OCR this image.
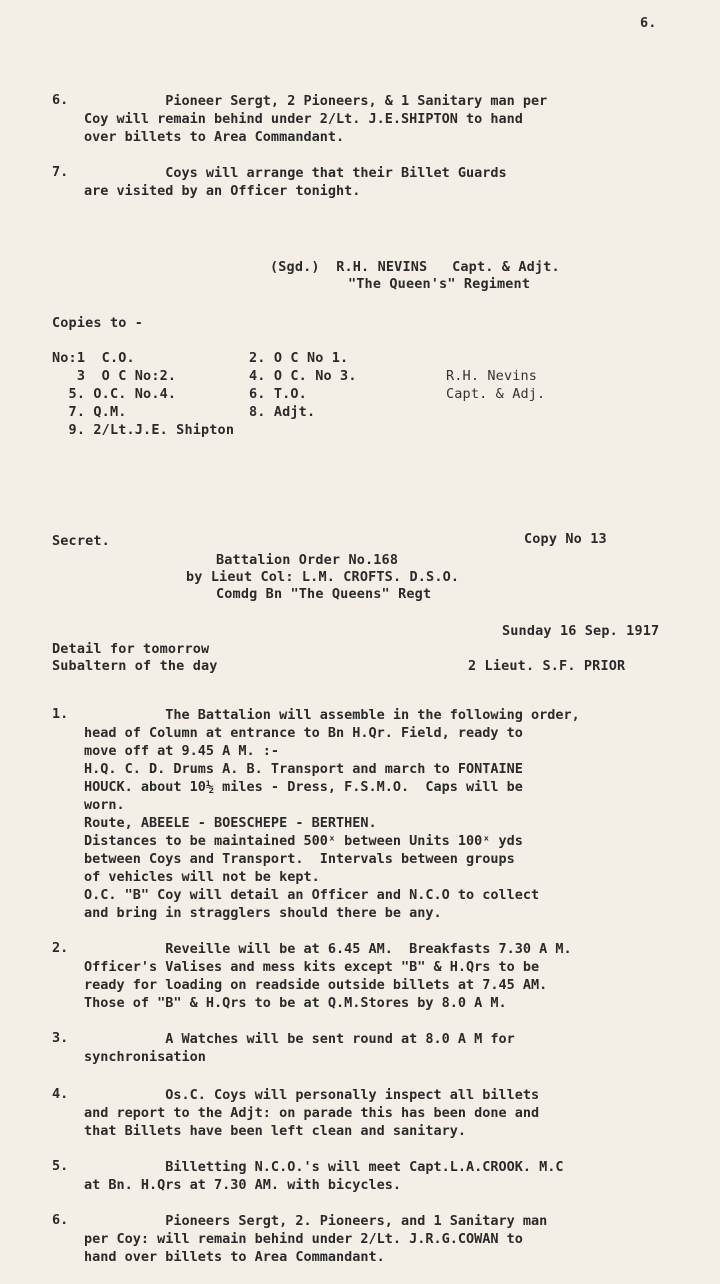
6.
6. Pioneer Sergt, 2 Pioneers, & 1 Sanitary man per
Coy will remain behind under 2/Lt. J.E.SHIPTON to hand
over billets to Area Commandant.
7. Coys will arrange that their Billet Guards
are visited by an Officer tonight.
(Sgd.)  R.H. NEVINS   Capt. & Adjt.
"The Queen's" Regiment
Copies to -
No:1  C.O.	2. O C No 1.
3  O C No:2.	4. O C. No 3.
5. O.C. No.4.	6. T.O.
7. Q.M.	8. Adjt.
9. 2/Lt.J.E. Shipton
R.H. Nevins
Capt. & Adj.
Secret.	Copy No 13
Battalion Order No.168
by Lieut Col: L.M. CROFTS. D.S.O.
Comdg Bn "The Queens" Regt
Sunday 16 Sep. 1917
Detail for tomorrow
Subaltern of the day	2 Lieut. S.F. PRIOR
1. The Battalion will assemble in the following order,
head of Column at entrance to Bn H.Qr. Field, ready to
move off at 9.45 A M. :-
H.Q. C. D. Drums A. B. Transport and march to FONTAINE
HOUCK. about 10½ miles - Dress, F.S.M.O.  Caps will be
worn.
Route, ABEELE - BOESCHEPE - BERTHEN.
Distances to be maintained 500ˣ between Units 100ˣ yds
between Coys and Transport.  Intervals between groups
of vehicles will not be kept.
O.C. "B" Coy will detail an Officer and N.C.O to collect
and bring in stragglers should there be any.
2. Reveille will be at 6.45 AM.  Breakfasts 7.30 A M.
Officer's Valises and mess kits except "B" & H.Qrs to be
ready for loading on readside outside billets at 7.45 AM.
Those of "B" & H.Qrs to be at Q.M.Stores by 8.0 A M.
3. A Watches will be sent round at 8.0 A M for
synchronisation
4. Os.C. Coys will personally inspect all billets
and report to the Adjt: on parade this has been done and
that Billets have been left clean and sanitary.
5. Billetting N.C.O.'s will meet Capt.L.A.CROOK. M.C
at Bn. H.Qrs at 7.30 AM. with bicycles.
6. Pioneers Sergt, 2. Pioneers, and 1 Sanitary man
per Coy: will remain behind under 2/Lt. J.R.G.COWAN to
hand over billets to Area Commandant.
